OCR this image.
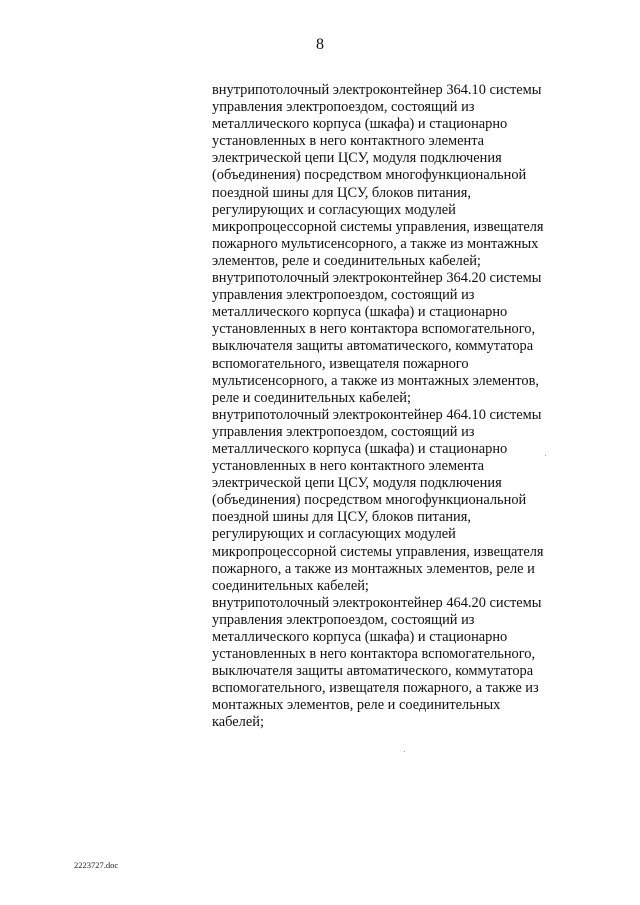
8
внутрипотолочный электроконтейнер 364.10 системы
управления электропоездом, состоящий из
металлического корпуса (шкафа) и стационарно
установленных в него контактного элемента
электрической цепи ЦСУ, модуля подключения
(объединения) посредством многофункциональной
поездной шины для ЦСУ, блоков питания,
регулирующих и согласующих модулей
микропроцессорной системы управления, извещателя
пожарного мультисенсорного, а также из монтажных
элементов, реле и соединительных кабелей;
внутрипотолочный электроконтейнер 364.20 системы
управления электропоездом, состоящий из
металлического корпуса (шкафа) и стационарно
установленных в него контактора вспомогательного,
выключателя защиты автоматического, коммутатора
вспомогательного, извещателя пожарного
мультисенсорного, а также из монтажных элементов,
реле и соединительных кабелей;
внутрипотолочный электроконтейнер 464.10 системы
управления электропоездом, состоящий из
металлического корпуса (шкафа) и стационарно
установленных в него контактного элемента
электрической цепи ЦСУ, модуля подключения
(объединения) посредством многофункциональной
поездной шины для ЦСУ, блоков питания,
регулирующих и согласующих модулей
микропроцессорной системы управления, извещателя
пожарного, а также из монтажных элементов, реле и
соединительных кабелей;
внутрипотолочный электроконтейнер 464.20 системы
управления электропоездом, состоящий из
металлического корпуса (шкафа) и стационарно
установленных в него контактора вспомогательного,
выключателя защиты автоматического, коммутатора
вспомогательного, извещателя пожарного, а также из
монтажных элементов, реле и соединительных
кабелей;
2223727.doc
